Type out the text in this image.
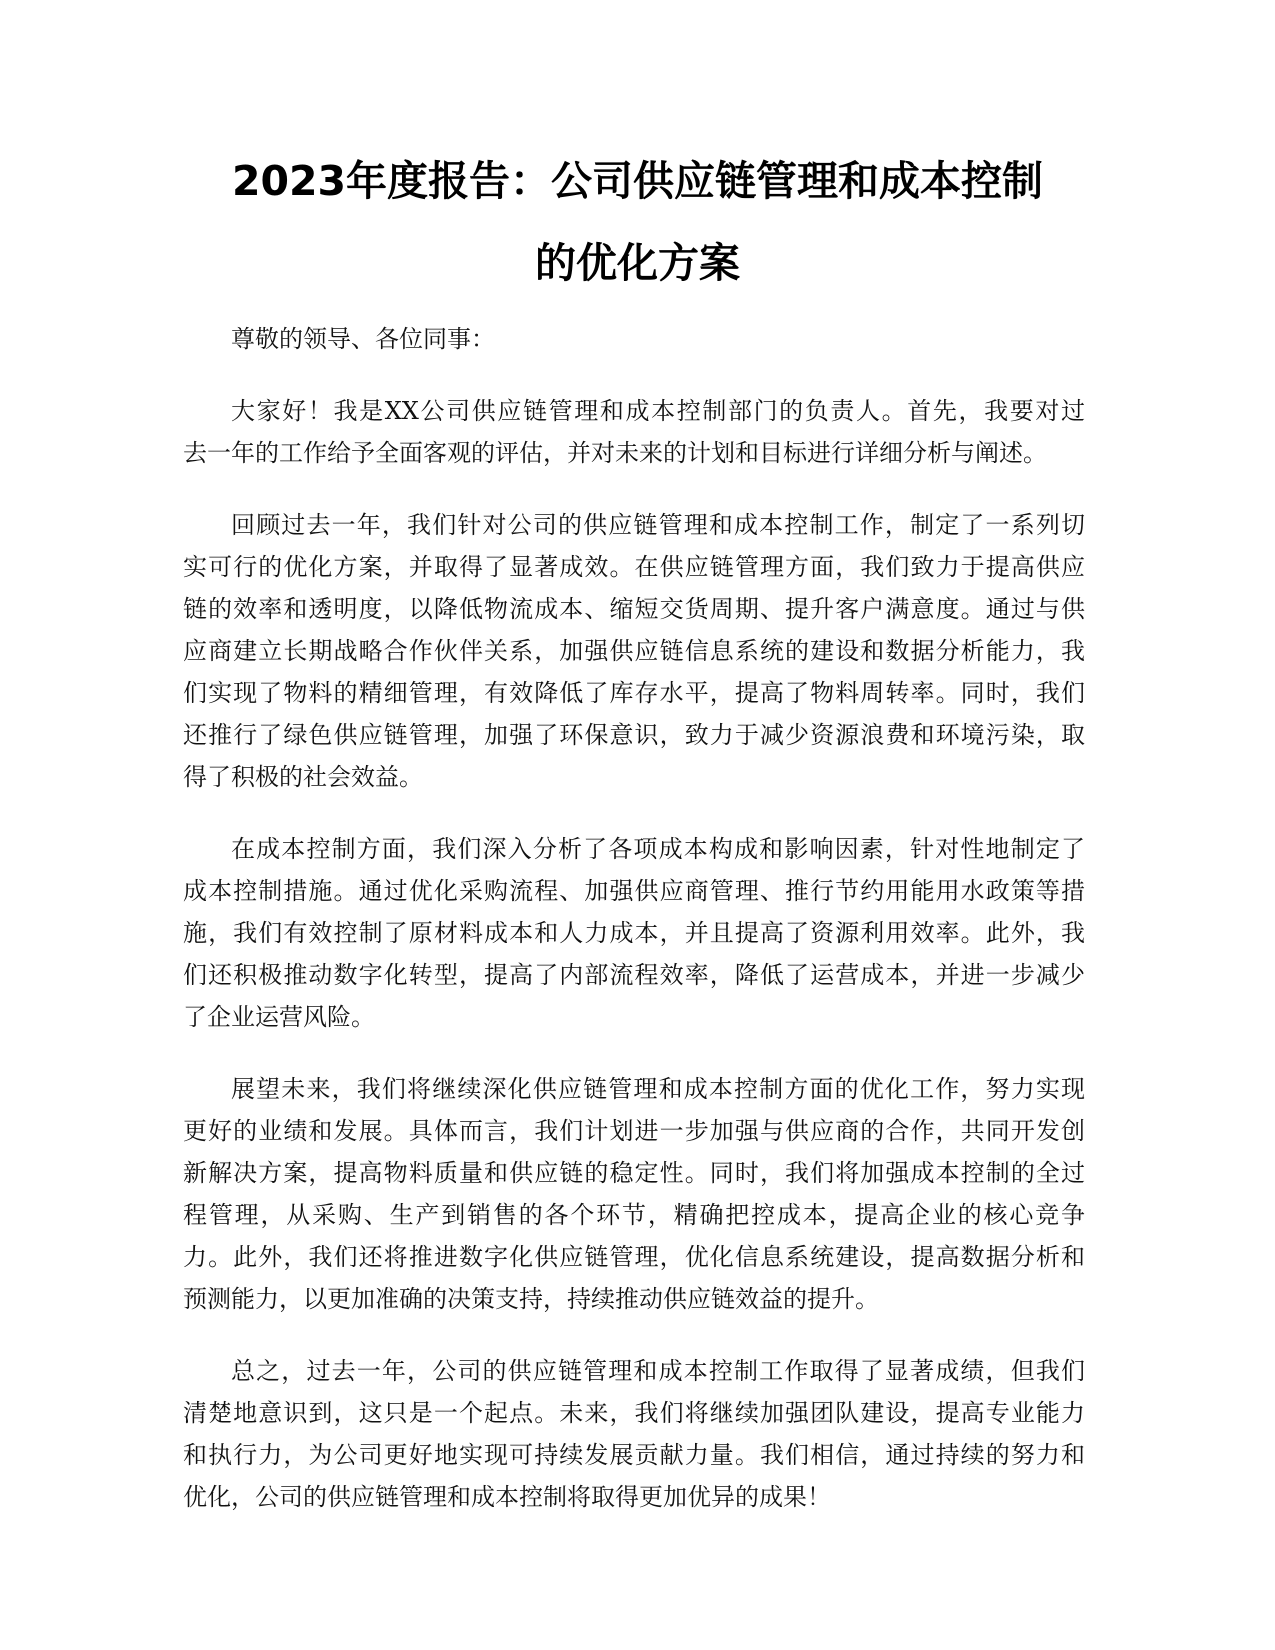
2023年度报告：公司供应链管理和成本控制
的优化方案
尊敬的领导、各位同事：
大家好！我是XX公司供应链管理和成本控制部门的负责人。首先，我要对过
去一年的工作给予全面客观的评估，并对未来的计划和目标进行详细分析与阐述。
回顾过去一年，我们针对公司的供应链管理和成本控制工作，制定了一系列切
实可行的优化方案，并取得了显著成效。在供应链管理方面，我们致力于提高供应
链的效率和透明度，以降低物流成本、缩短交货周期、提升客户满意度。通过与供
应商建立长期战略合作伙伴关系，加强供应链信息系统的建设和数据分析能力，我
们实现了物料的精细管理，有效降低了库存水平，提高了物料周转率。同时，我们
还推行了绿色供应链管理，加强了环保意识，致力于减少资源浪费和环境污染，取
得了积极的社会效益。
在成本控制方面，我们深入分析了各项成本构成和影响因素，针对性地制定了
成本控制措施。通过优化采购流程、加强供应商管理、推行节约用能用水政策等措
施，我们有效控制了原材料成本和人力成本，并且提高了资源利用效率。此外，我
们还积极推动数字化转型，提高了内部流程效率，降低了运营成本，并进一步减少
了企业运营风险。
展望未来，我们将继续深化供应链管理和成本控制方面的优化工作，努力实现
更好的业绩和发展。具体而言，我们计划进一步加强与供应商的合作，共同开发创
新解决方案，提高物料质量和供应链的稳定性。同时，我们将加强成本控制的全过
程管理，从采购、生产到销售的各个环节，精确把控成本，提高企业的核心竞争
力。此外，我们还将推进数字化供应链管理，优化信息系统建设，提高数据分析和
预测能力，以更加准确的决策支持，持续推动供应链效益的提升。
总之，过去一年，公司的供应链管理和成本控制工作取得了显著成绩，但我们
清楚地意识到，这只是一个起点。未来，我们将继续加强团队建设，提高专业能力
和执行力，为公司更好地实现可持续发展贡献力量。我们相信，通过持续的努力和
优化，公司的供应链管理和成本控制将取得更加优异的成果！
